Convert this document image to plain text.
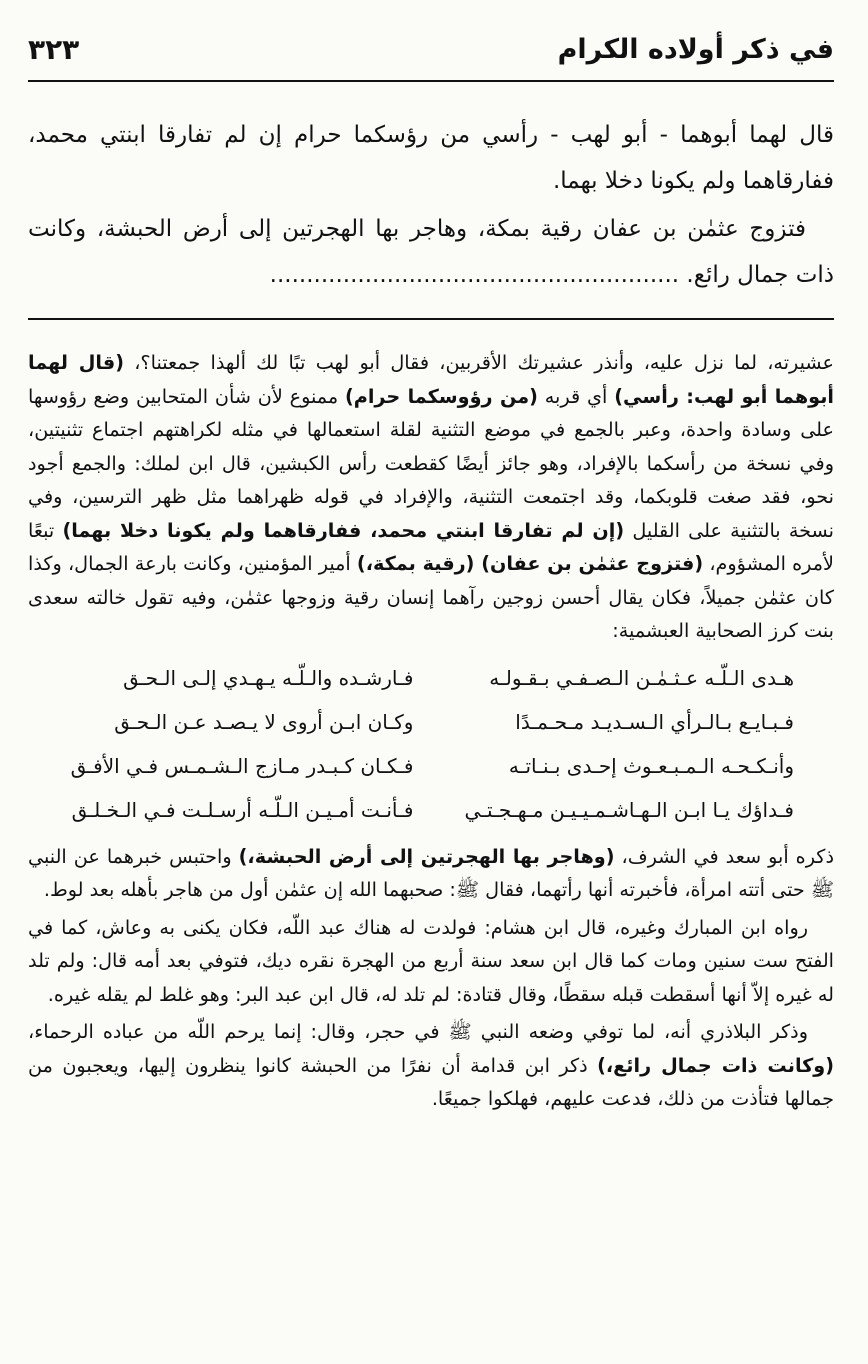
في ذكر أولاده الكرام
٣٢٣

قال لهما أبوهما - أبو لهب - رأسي من رؤسكما حرام إن لم تفارقا ابنتي محمد، ففارقاهما ولم يكونا دخلا بهما.

فتزوج عثمٰن بن عفان رقية بمكة، وهاجر بها الهجرتين إلى أرض الحبشة، وكانت ذات جمال رائع. ........................................................

عشيرته، لما نزل عليه، وأنذر عشيرتك الأقربين، فقال أبو لهب تبًا لك ألهذا جمعتنا؟، (قال لهما أبوهما أبو لهب: رأسي) أي قربه (من رؤوسكما حرام) ممنوع لأن شأن المتحابين وضع رؤوسها على وسادة واحدة، وعبر بالجمع في موضع التثنية لقلة استعمالها في مثله لكراهتهم اجتماع تثنيتين، وفي نسخة من رأسكما بالإفراد، وهو جائز أيضًا كقطعت رأس الكبشين، قال ابن لملك: والجمع أجود نحو، فقد صغت قلوبكما، وقد اجتمعت التثنية، والإفراد في قوله ظهراهما مثل ظهر الترسين، وفي نسخة بالتثنية على القليل (إن لم تفارقا ابنتي محمد، ففارقاهما ولم يكونا دخلا بهما) تبعًا لأمره المشؤوم، (فتزوج عثمٰن بن عفان) (رقية بمكة،) أمير المؤمنين، وكانت بارعة الجمال، وكذا كان عثمٰن جميلاً، فكان يقال أحسن زوجين رآهما إنسان رقية وزوجها عثمٰن، وفيه تقول خالته سعدى بنت كرز الصحابية العبشمية:

هـدى الـلّـه عـثـمٰـن الـصـفـي بـقـولـه
فـارشـده والـلّـه يـهـدي إلـى الـحـق
فـبـايـع بـالـرأي الـسـديـد مـحـمـدًا
وكـان ابـن أروى لا يـصـد عـن الـحـق
وأنـكـحـه الـمـبـعـوث إحـدى بـنـاتـه
فـكـان كـبـدر مـازج الـشـمـس فـي الأفـق
فـداؤك يـا ابـن الـهـاشـمـيـيـن مـهـجـتـي
فـأنـت أمـيـن الـلّـه أرسـلـت فـي الـخـلـق

ذكره أبو سعد في الشرف، (وهاجر بها الهجرتين إلى أرض الحبشة،) واحتبس خبرهما عن النبي ﷺ حتى أتته امرأة، فأخبرته أنها رأتهما، فقال ﷺ: صحبهما الله إن عثمٰن أول من هاجر بأهله بعد لوط.

رواه ابن المبارك وغيره، قال ابن هشام: فولدت له هناك عبد اللّه، فكان يكنى به وعاش، كما في الفتح ست سنين ومات كما قال ابن سعد سنة أربع من الهجرة نقره ديك، فتوفي بعد أمه قال: ولم تلد له غيره إلاّ أنها أسقطت قبله سقطًا، وقال قتادة: لم تلد له، قال ابن عبد البر: وهو غلط لم يقله غيره.

وذكر البلاذري أنه، لما توفي وضعه النبي ﷺ في حجر، وقال: إنما يرحم اللّه من عباده الرحماء، (وكانت ذات جمال رائع،) ذكر ابن قدامة أن نفرًا من الحبشة كانوا ينظرون إليها، ويعجبون من جمالها فتأذت من ذلك، فدعت عليهم، فهلكوا جميعًا.
